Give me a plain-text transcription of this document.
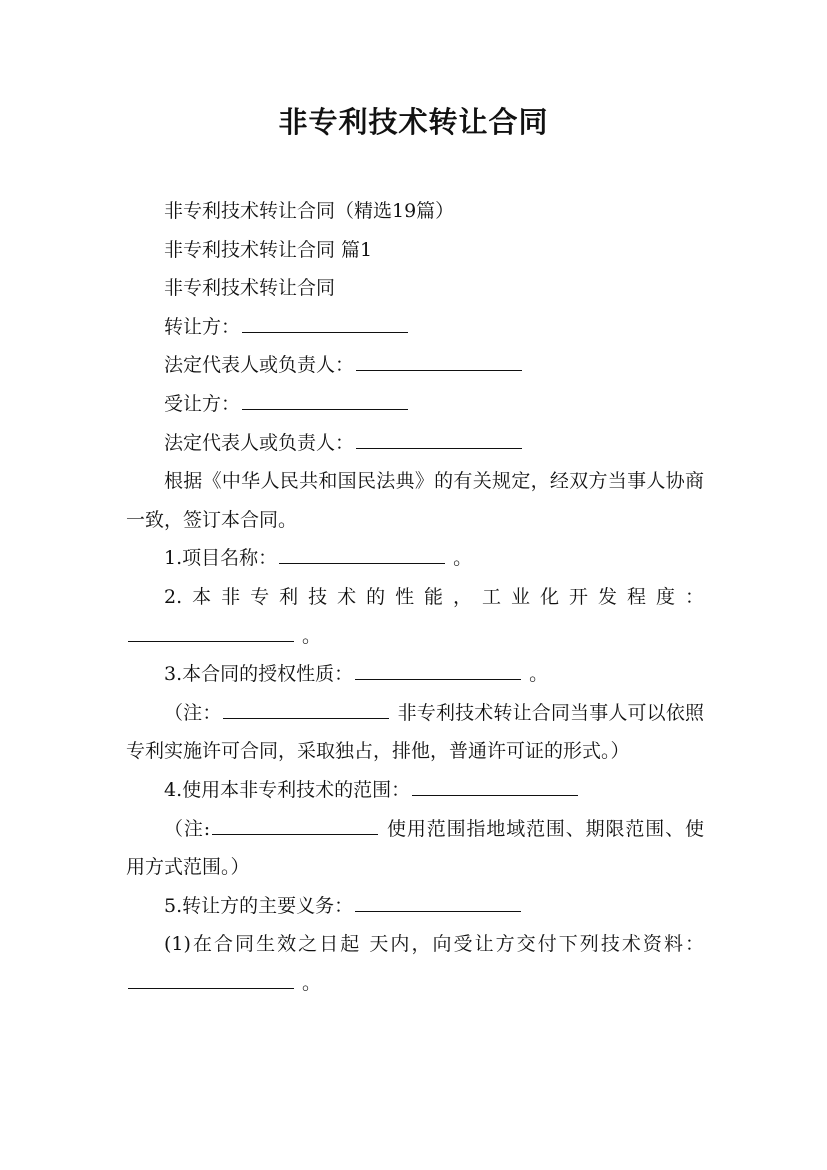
非专利技术转让合同

非专利技术转让合同（精选19篇）

非专利技术转让合同 篇1

非专利技术转让合同

转让方：

法定代表人或负责人：

受让方：

法定代表人或负责人：

根据《中华人民共和国民法典》的有关规定，经双方当事人协商一致，签订本合同。

1.项目名称：	。

2.本非专利技术的性能，工业化开发程度：

。

3.本合同的授权性质：	。

（注：	非专利技术转让合同当事人可以依照专利实施许可合同，采取独占，排他，普通许可证的形式。）

4.使用本非专利技术的范围：

（注:	使用范围指地域范围、期限范围、使用方式范围。）

5.转让方的主要义务：

(1)在合同生效之日起 天内，向受让方交付下列技术资料：。
